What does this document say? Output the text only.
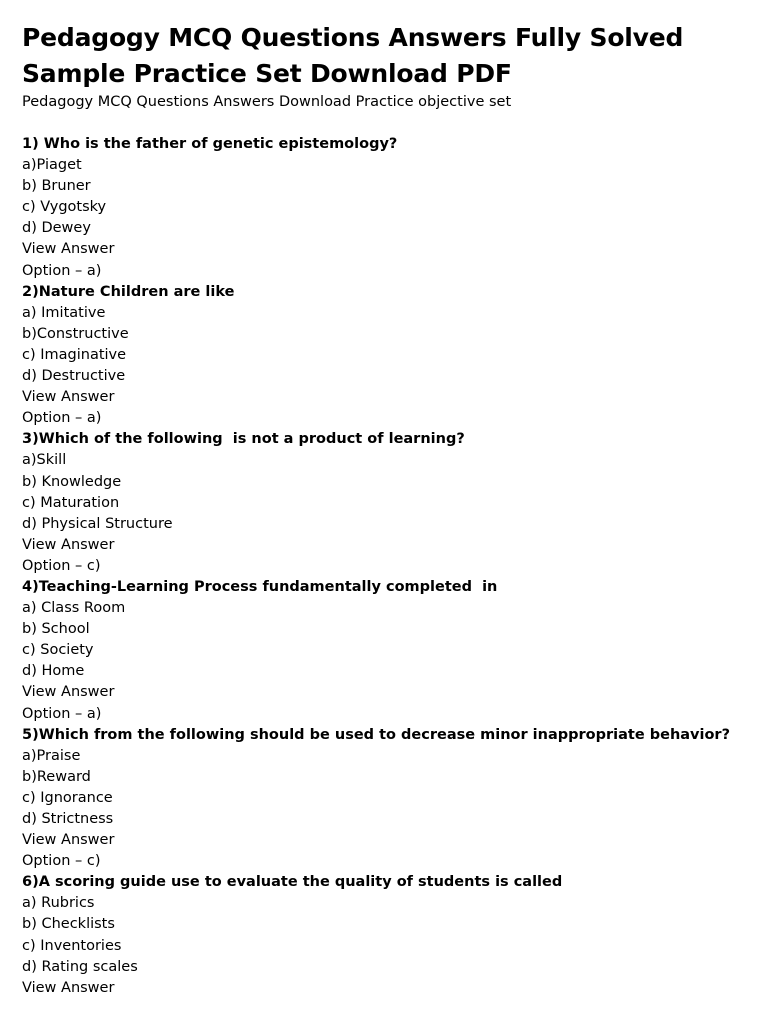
Pedagogy MCQ Questions Answers Fully Solved
Sample Practice Set Download PDF

Pedagogy MCQ Questions Answers Download Practice objective set

1) Who is the father of genetic epistemology?
a)Piaget
b) Bruner
c) Vygotsky
d) Dewey
View Answer
Option – a)
2)Nature Children are like
a) Imitative
b)Constructive
c) Imaginative
d) Destructive
View Answer
Option – a)
3)Which of the following  is not a product of learning?
a)Skill
b) Knowledge
c) Maturation
d) Physical Structure
View Answer
Option – c)
4)Teaching-Learning Process fundamentally completed  in
a) Class Room
b) School
c) Society
d) Home
View Answer
Option – a)
5)Which from the following should be used to decrease minor inappropriate behavior?
a)Praise
b)Reward
c) Ignorance
d) Strictness
View Answer
Option – c)
6)A scoring guide use to evaluate the quality of students is called
a) Rubrics
b) Checklists
c) Inventories
d) Rating scales
View Answer
